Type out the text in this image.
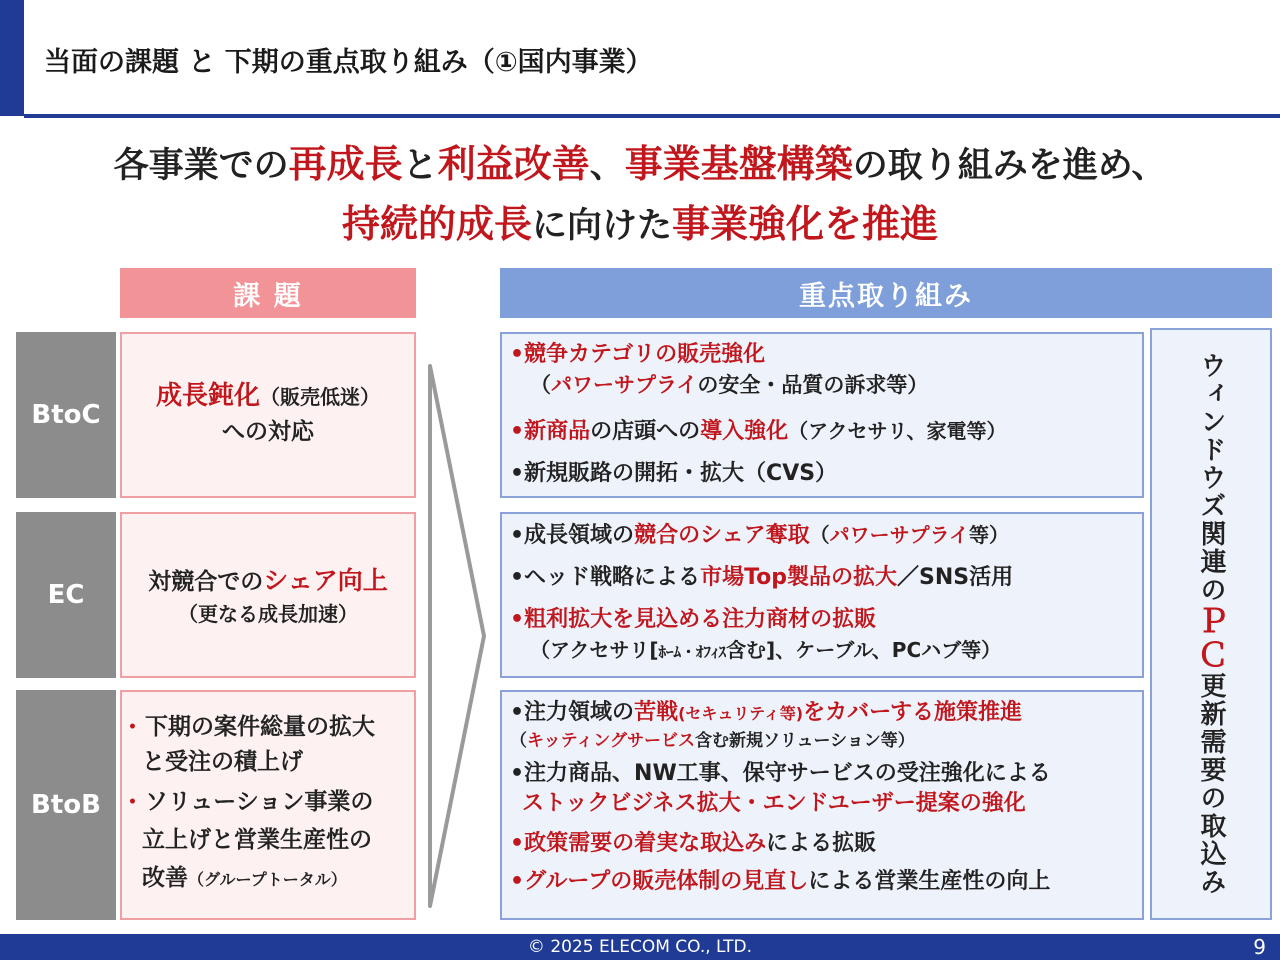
当面の課題 と 下期の重点取り組み（①国内事業）
各事業での再成長と利益改善、事業基盤構築の取り組みを進め、
持続的成長に向けた事業強化を推進
課 題	重点取り組み
BtoC
EC
BtoB
成長鈍化（販売低迷）
への対応
対競合でのシェア向上
（更なる成長加速）
• 下期の案件総量の拡大
と受注の積上げ
• ソリューション事業の
立上げと営業生産性の
改善（グループトータル）
•競争カテゴリの販売強化
（パワーサプライの安全・品質の訴求等）
•新商品の店頭への導入強化（アクセサリ、家電等）
•新規販路の開拓・拡大（CVS）
•成長領域の競合のシェア奪取（パワーサプライ等）
•ヘッド戦略による市場Top製品の拡大／SNS活用
•粗利拡大を見込める注力商材の拡販
（アクセサリ[ﾎｰﾑ・ｵﾌｨｽ含む]、ケーブル、PCハブ等）
•注力領域の苦戦(セキュリティ等)をカバーする施策推進
（キッティングサービス含む新規ソリューション等）
•注力商品、NW工事、保守サービスの受注強化による
ストックビジネス拡大・エンドユーザー提案の強化
•政策需要の着実な取込みによる拡販
•グループの販売体制の見直しによる営業生産性の向上
ウィンドウズ関連のＰＣ更新需要の取込み
© 2025 ELECOM CO., LTD.	9
